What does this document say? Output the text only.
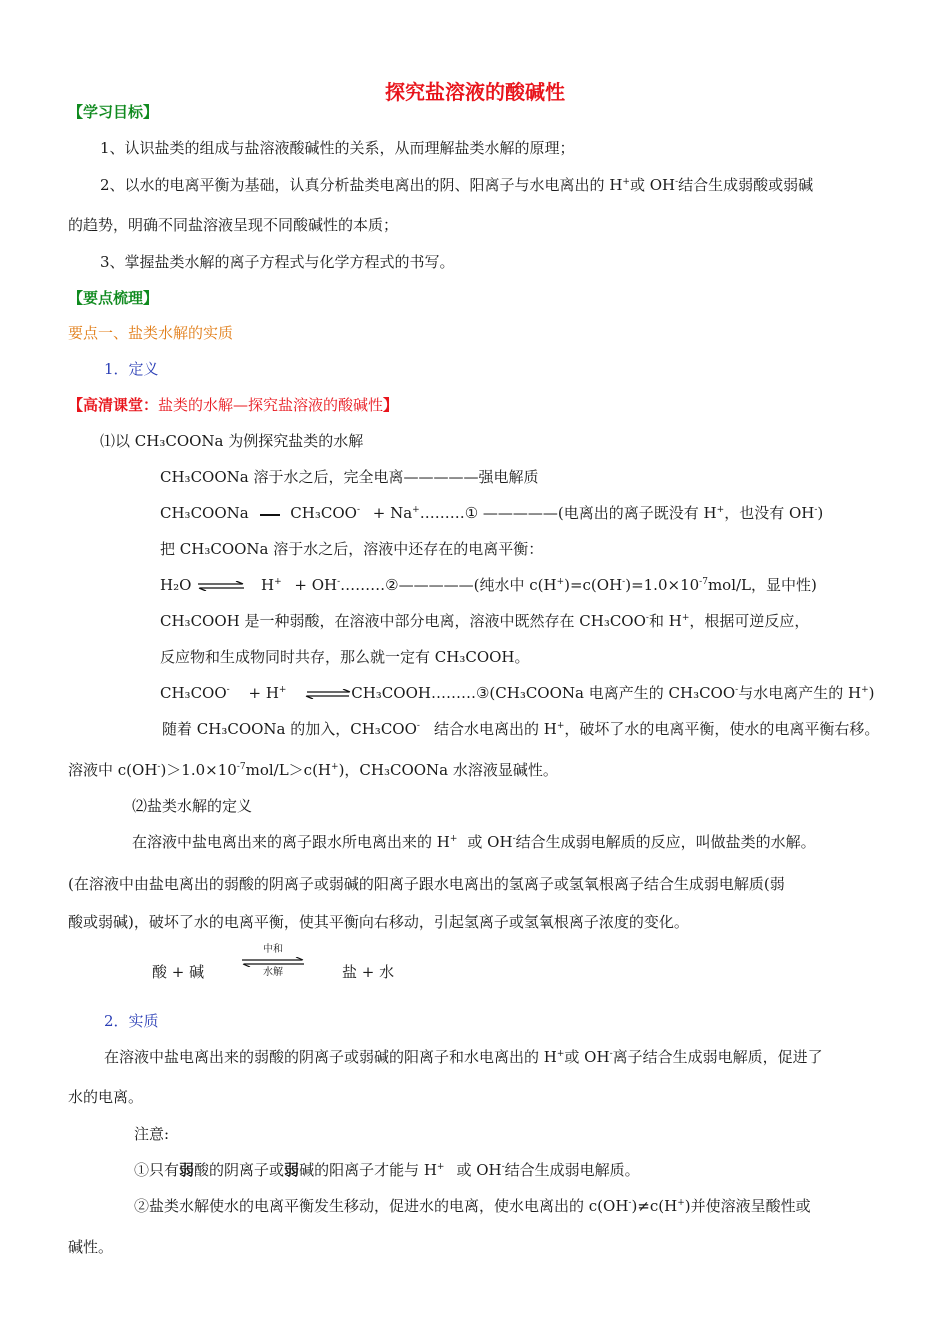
探究盐溶液的酸碱性
【学习目标】
1、认识盐类的组成与盐溶液酸碱性的关系，从而理解盐类水解的原理；
2、以水的电离平衡为基础，认真分析盐类电离出的阴、阳离子与水电离出的 H+或 OH-结合生成弱酸或弱碱
的趋势，明确不同盐溶液呈现不同酸碱性的本质；
3、掌握盐类水解的离子方程式与化学方程式的书写。
【要点梳理】
要点一、盐类水解的实质
1．定义
【高清课堂：盐类的水解—探究盐溶液的酸碱性】
⑴以 CH₃COONa 为例探究盐类的水解
CH₃COONa 溶于水之后，完全电离—————强电解质
CH₃COONa	CH₃COO- + Na+………① —————(电离出的离子既没有 H+，也没有 OH-)
把 CH₃COONa 溶于水之后，溶液中还存在的电离平衡：
H₂O ⇌ H+ + OH-………②—————(纯水中 $c(H^+)=c(OH^-)=1.0\times 10^{-7}mol/L$，显中性)
CH₃COOH 是一种弱酸，在溶液中部分电离，溶液中既然存在 CH₃COO-和 H+，根据可逆反应，
反应物和生成物同时共存，那么就一定有 CH₃COOH。
CH₃COO- + H+ ⇌CH₃COOH………③(CH₃COONa 电离产生的 CH₃COO-与水电离产生的 H+)
随着 CH₃COONa 的加入，CH₃COO- 结合水电离出的 H+，破坏了水的电离平衡，使水的电离平衡右移。
溶液中 $c(OH^-)>1.0\times 10^{-7}mol/L>c(H^+)$，CH₃COONa 水溶液显碱性。
⑵盐类水解的定义
在溶液中盐电离出来的离子跟水所电离出来的 H+ 或 OH-结合生成弱电解质的反应，叫做盐类的水解。
(在溶液中由盐电离出的弱酸的阴离子或弱碱的阳离子跟水电离出的氢离子或氢氧根离子结合生成弱电解质(弱
酸或弱碱)，破坏了水的电离平衡，使其平衡向右移动，引起氢离子或氢氧根离子浓度的变化。
酸 + 碱
中和
水解	盐 + 水
2．实质
在溶液中盐电离出来的弱酸的阴离子或弱碱的阳离子和水电离出的 H+或 OH-离子结合生成弱电解质，促进了
水的电离。
注意:
①只有弱酸的阴离子或弱碱的阳离子才能与 H+ 或 OH-结合生成弱电解质。
②盐类水解使水的电离平衡发生移动，促进水的电离，使水电离出的 c(OH-)≠c(H+)并使溶液呈酸性或
碱性。
